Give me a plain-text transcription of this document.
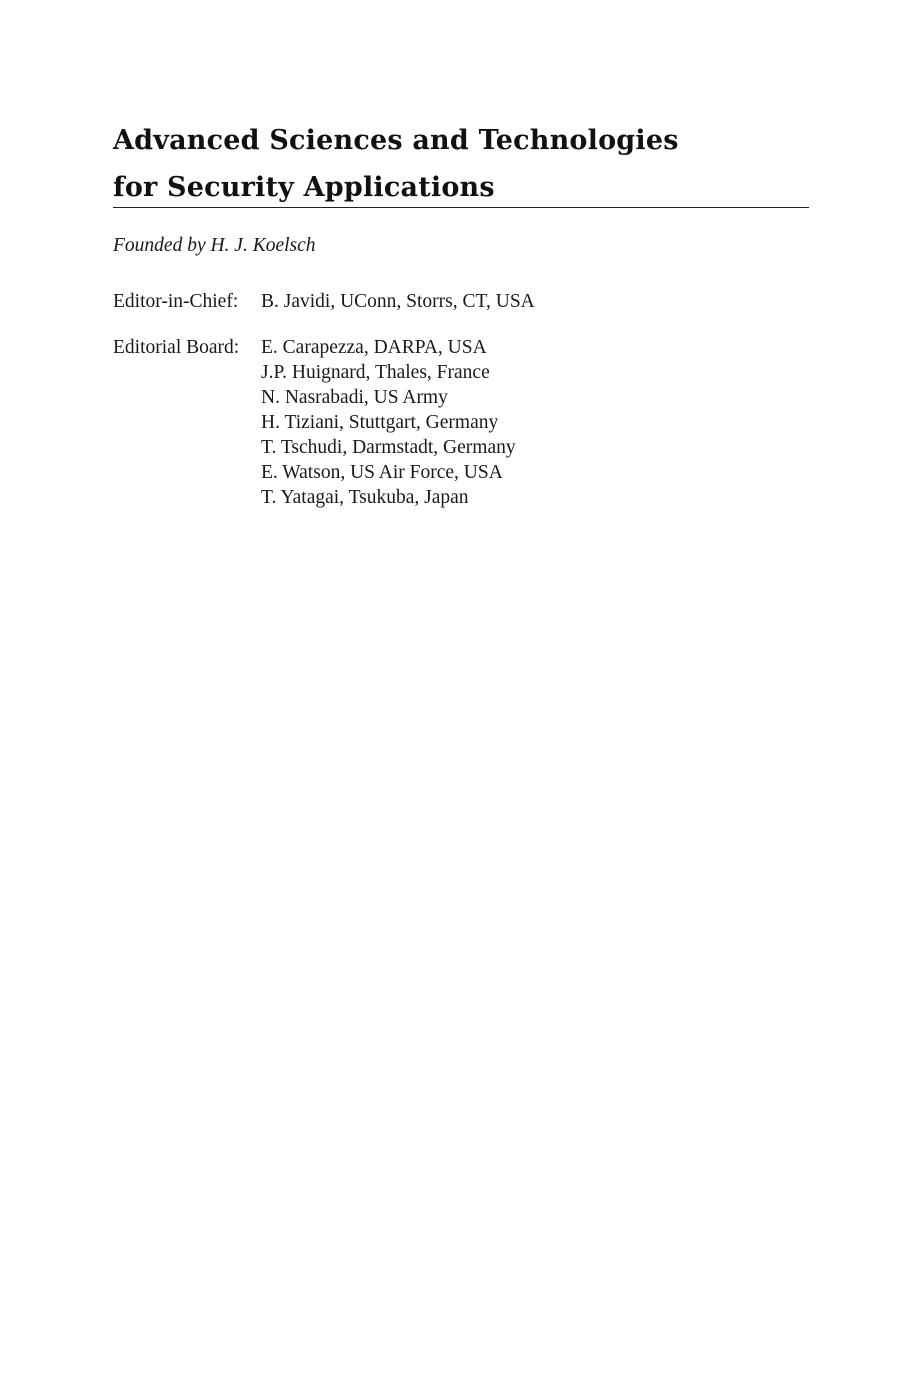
Advanced Sciences and Technologies
for Security Applications
Founded by H. J. Koelsch
Editor-in-Chief:	B. Javidi, UConn, Storrs, CT, USA
Editorial Board:	E. Carapezza, DARPA, USA
J.P. Huignard, Thales, France
N. Nasrabadi, US Army
H. Tiziani, Stuttgart, Germany
T. Tschudi, Darmstadt, Germany
E. Watson, US Air Force, USA
T. Yatagai, Tsukuba, Japan
